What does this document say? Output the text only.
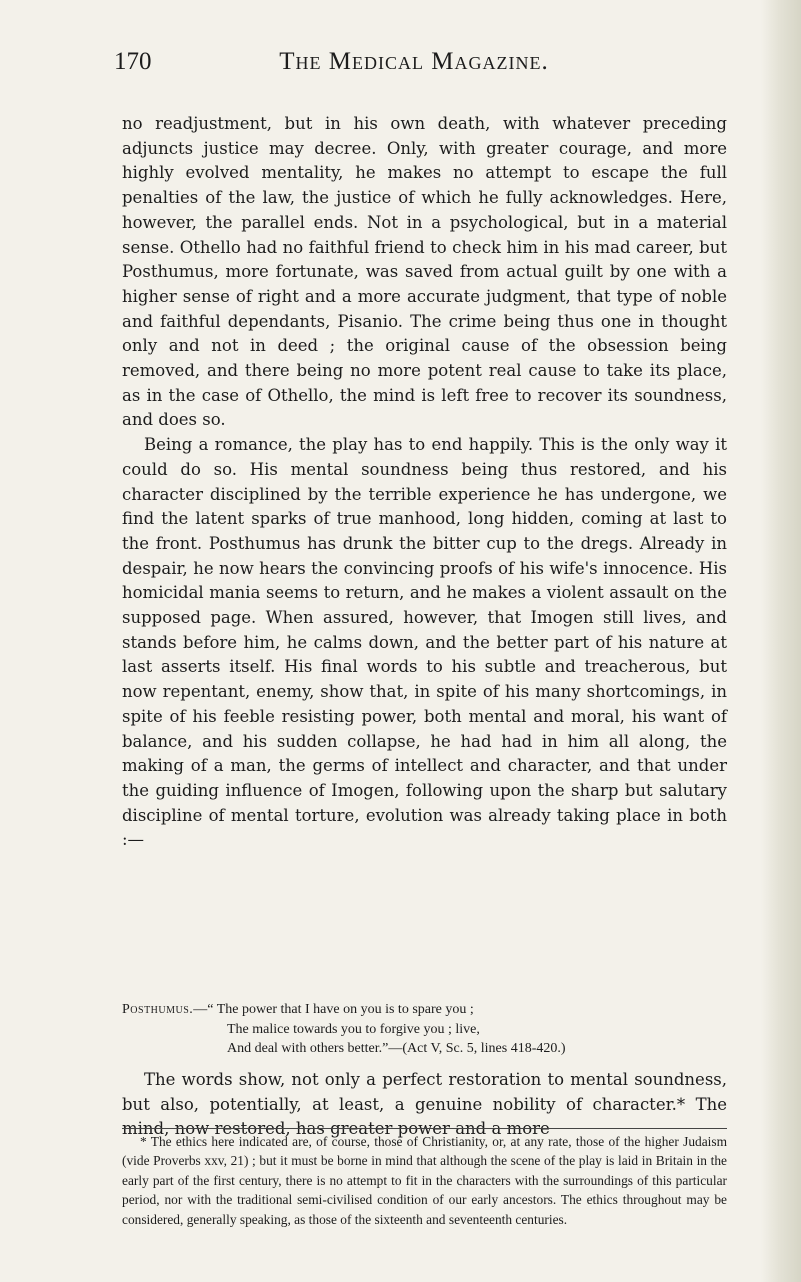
170	The Medical Magazine.

no readjustment, but in his own death, with whatever preceding adjuncts justice may decree. Only, with greater courage, and more highly evolved mentality, he makes no attempt to escape the full penalties of the law, the justice of which he fully acknowledges. Here, however, the parallel ends. Not in a psychological, but in a material sense. Othello had no faithful friend to check him in his mad career, but Posthumus, more fortunate, was saved from actual guilt by one with a higher sense of right and a more accurate judgment, that type of noble and faithful dependants, Pisanio. The crime being thus one in thought only and not in deed ; the original cause of the obsession being removed, and there being no more potent real cause to take its place, as in the case of Othello, the mind is left free to recover its soundness, and does so.

Being a romance, the play has to end happily. This is the only way it could do so. His mental soundness being thus restored, and his character disciplined by the terrible experience he has undergone, we find the latent sparks of true manhood, long hidden, coming at last to the front. Posthumus has drunk the bitter cup to the dregs. Already in despair, he now hears the convincing proofs of his wife's innocence. His homicidal mania seems to return, and he makes a violent assault on the supposed page. When assured, however, that Imogen still lives, and stands before him, he calms down, and the better part of his nature at last asserts itself. His final words to his subtle and treacherous, but now repentant, enemy, show that, in spite of his many shortcomings, in spite of his feeble resisting power, both mental and moral, his want of balance, and his sudden collapse, he had had in him all along, the making of a man, the germs of intellect and character, and that under the guiding influence of Imogen, following upon the sharp but salutary discipline of mental torture, evolution was already taking place in both :—

Posthumus.—“ The power that I have on you is to spare you ;
The malice towards you to forgive you ; live,
And deal with others better.”—(Act V, Sc. 5, lines 418-420.)

The words show, not only a perfect restoration to mental soundness, but also, potentially, at least, a genuine nobility of character.* The mind, now restored, has greater power and a more

* The ethics here indicated are, of course, those of Christianity, or, at any rate, those of the higher Judaism (vide Proverbs xxv, 21) ; but it must be borne in mind that although the scene of the play is laid in Britain in the early part of the first century, there is no attempt to fit in the characters with the surroundings of this particular period, nor with the traditional semi-civilised condition of our early ancestors. The ethics throughout may be considered, generally speaking, as those of the sixteenth and seventeenth centuries.
